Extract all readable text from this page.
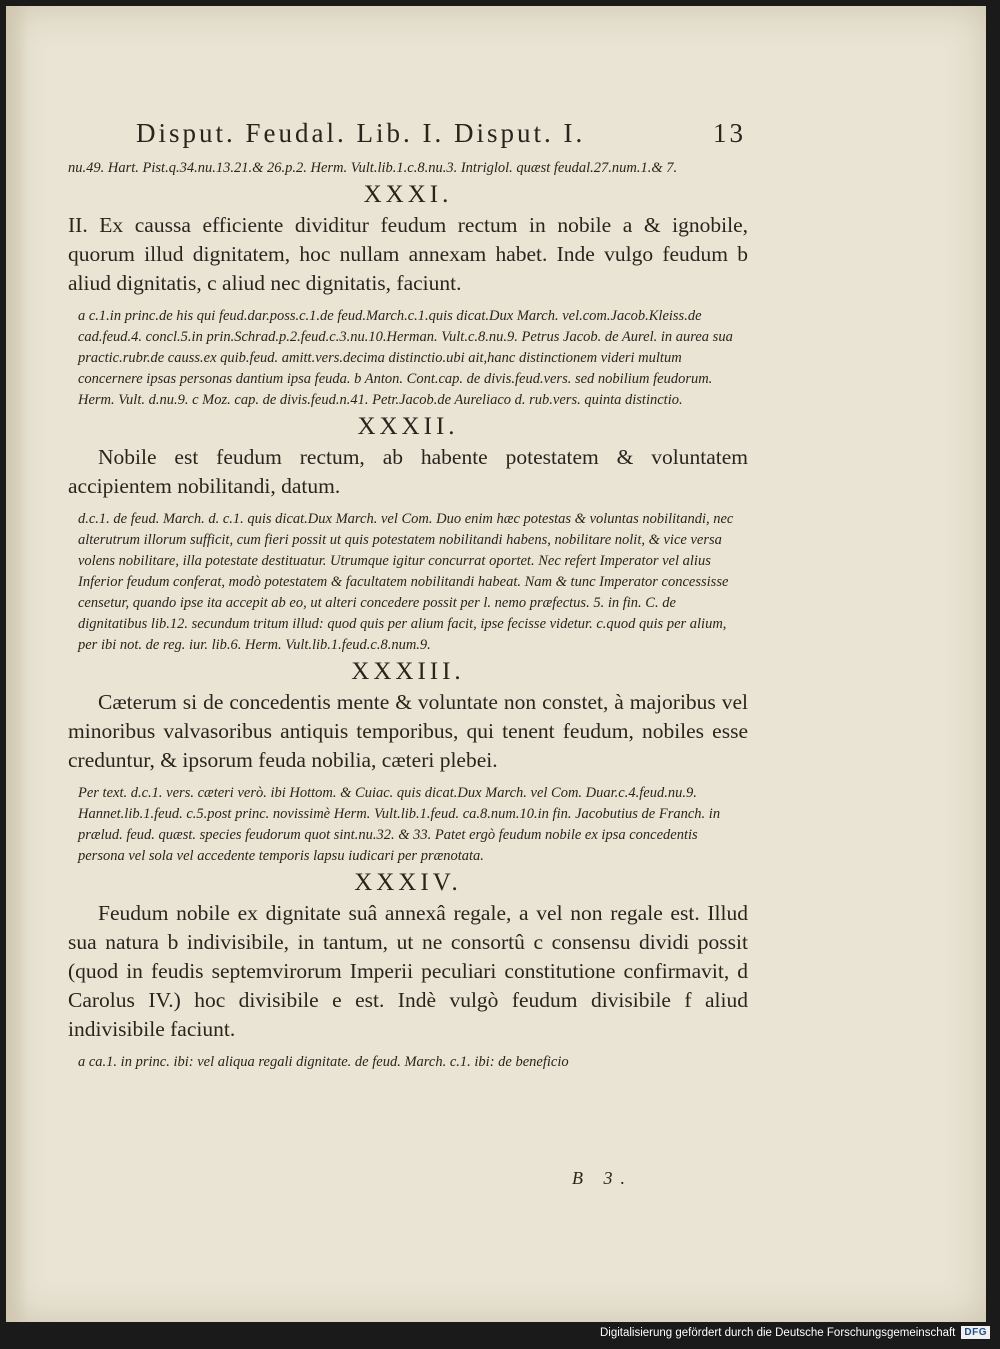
Disput. Feudal. Lib. I. Disput. I.	13

nu.49. Hart. Pist.q.34.nu.13.21.& 26.p.2. Herm. Vult.lib.1.c.8.nu.3. Intriglol. quæst feudal.27.num.1.& 7.

XXXI.

II. Ex caussa efficiente dividitur feudum rectum in nobile a & ignobile, quorum illud dignitatem, hoc nullam annexam habet. Inde vulgo feudum b aliud dignitatis, c aliud nec dignitatis, faciunt.

a c.1.in princ.de his qui feud.dar.poss.c.1.de feud.March.c.1.quis dicat.Dux March. vel.com.Jacob.Kleiss.de cad.feud.4. concl.5.in prin.Schrad.p.2.feud.c.3.nu.10.Herman. Vult.c.8.nu.9. Petrus Jacob. de Aurel. in aurea sua practic.rubr.de causs.ex quib.feud. amitt.vers.decima distinctio.ubi ait,hanc distinctionem videri multum concernere ipsas personas dantium ipsa feuda. b Anton. Cont.cap. de divis.feud.vers. sed nobilium feudorum. Herm. Vult. d.nu.9. c Moz. cap. de divis.feud.n.41. Petr.Jacob.de Aureliaco d. rub.vers. quinta distinctio.

XXXII.

Nobile est feudum rectum, ab habente potestatem & voluntatem accipientem nobilitandi, datum.

d.c.1. de feud. March. d. c.1. quis dicat.Dux March. vel Com. Duo enim hæc potestas & voluntas nobilitandi, nec alterutrum illorum sufficit, cum fieri possit ut quis potestatem nobilitandi habens, nobilitare nolit, & vice versa volens nobilitare, illa potestate destituatur. Utrumque igitur concurrat oportet. Nec refert Imperator vel alius Inferior feudum conferat, modò potestatem & facultatem nobilitandi habeat. Nam & tunc Imperator concessisse censetur, quando ipse ita accepit ab eo, ut alteri concedere possit per l. nemo præfectus. 5. in fin. C. de dignitatibus lib.12. secundum tritum illud: quod quis per alium facit, ipse fecisse videtur. c.quod quis per alium, per ibi not. de reg. iur. lib.6. Herm. Vult.lib.1.feud.c.8.num.9.

XXXIII.

Cæterum si de concedentis mente & voluntate non constet, à majoribus vel minoribus valvasoribus antiquis temporibus, qui tenent feudum, nobiles esse creduntur, & ipsorum feuda nobilia, cæteri plebei.

Per text. d.c.1. vers. cæteri verò. ibi Hottom. & Cuiac. quis dicat.Dux March. vel Com. Duar.c.4.feud.nu.9. Hannet.lib.1.feud. c.5.post princ. novissimè Herm. Vult.lib.1.feud. ca.8.num.10.in fin. Jacobutius de Franch. in prælud. feud. quæst. species feudorum quot sint.nu.32. & 33. Patet ergò feudum nobile ex ipsa concedentis persona vel sola vel accedente temporis lapsu iudicari per prænotata.

XXXIV.

Feudum nobile ex dignitate suâ annexâ regale, a vel non regale est. Illud sua natura b indivisibile, in tantum, ut ne consortû c consensu dividi possit (quod in feudis septemvirorum Imperii peculiari constitutione confirmavit, d Carolus IV.) hoc divisibile e est. Indè vulgò feudum divisibile f aliud indivisibile faciunt.

a ca.1. in princ. ibi: vel aliqua regali dignitate. de feud. March. c.1. ibi: de beneficio

B 3.
Digitalisierung gefördert durch die Deutsche Forschungsgemeinschaft DFG
